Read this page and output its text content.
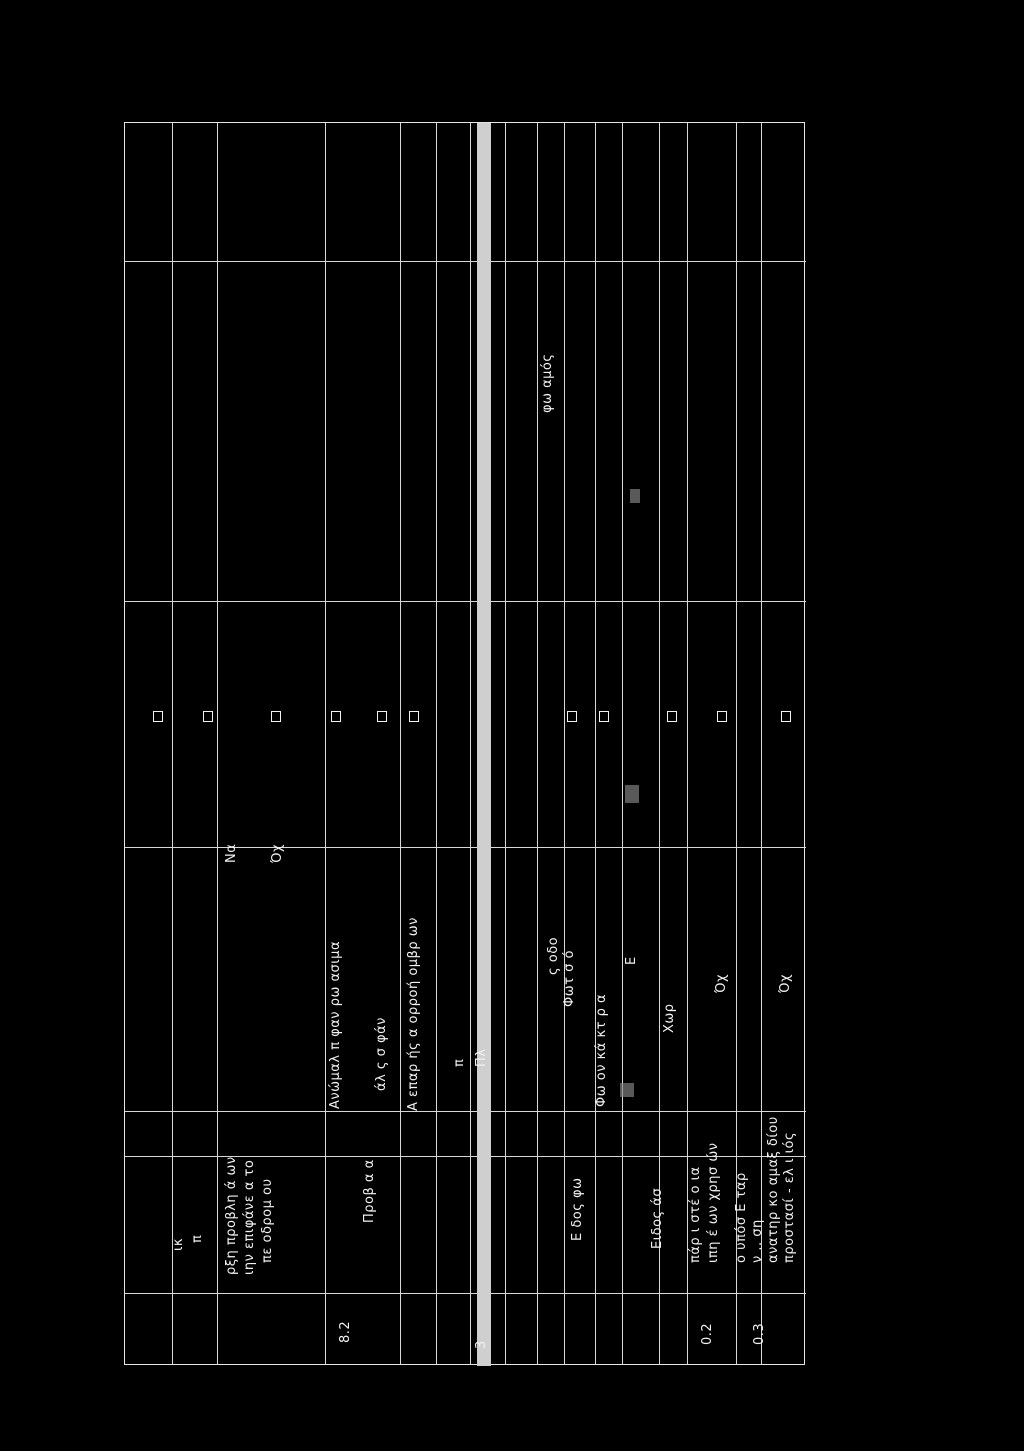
ικ π
8.2
ρξη προβλη ά ων ιην επιφάνε α το πε οδρομ ου
Να Όχ
Προβ α α
Ανώμαλ π φαν ρω ασιμα άλ ς σ φάν Α επαρ ής α ορροή ομβρ ων π Πλ
3
Ε δος φω
ς οδο Φωτ σ ό
Φω ον κά κτ ρ α
Ε
φω αμός
Ειδος άσ
Χωρ
0.2
πάρ ι στέ ο ια ιπη έ ων χρησ ών
Όχ
0.3
ο υπόσ Ε ταρ ν .. ση ανατηρ κο αμαξ δίου προστασί - ελ ι ιός
Όχ
